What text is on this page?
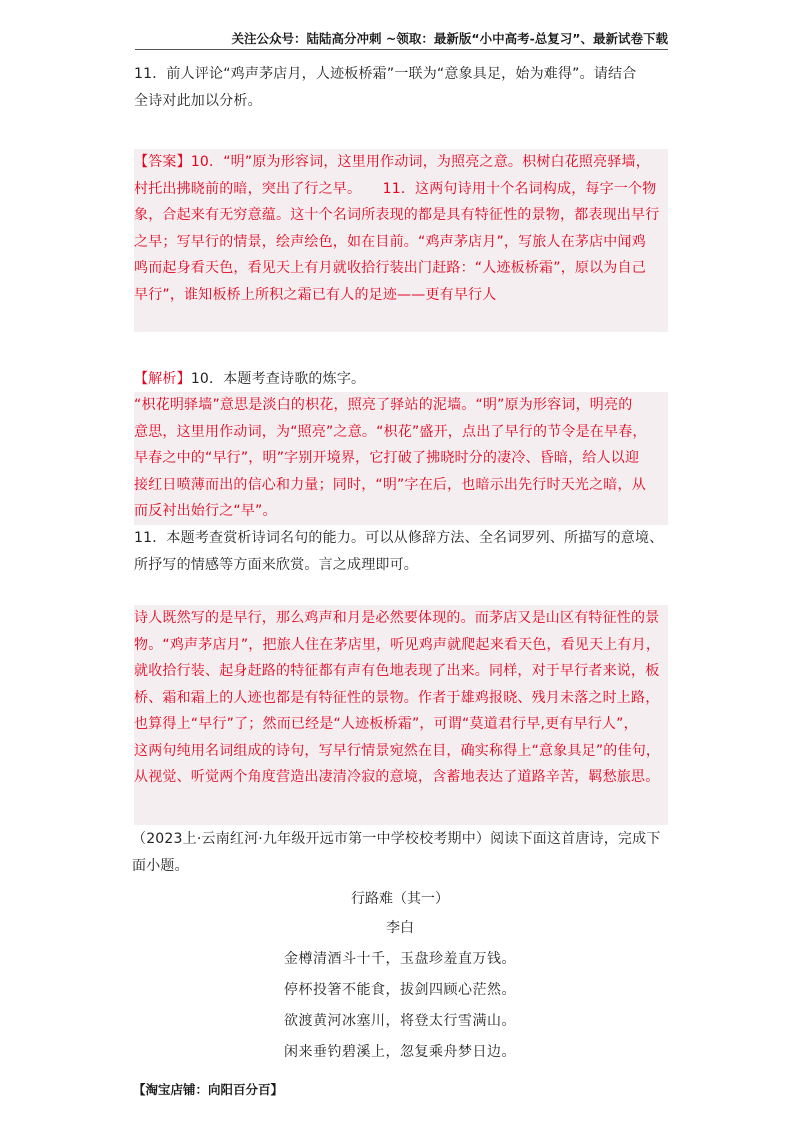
关注公众号：陆陆高分冲刺 ~领取：最新版“小中高考-总复习”、最新试卷下载
11．前人评论“鸡声茅店月，人迹板桥霜”一联为“意象具足，始为难得”。请结合
全诗对此加以分析。
【答案】10．“明”原为形容词，这里用作动词，为照亮之意。枳树白花照亮驿墙，
村托出拂晓前的暗，突出了行之早。　　11．这两句诗用十个名词构成，每字一个物
象，合起来有无穷意蕴。这十个名词所表现的都是具有特征性的景物，都表现出早行
之早；写早行的情景，绘声绘色，如在目前。“鸡声茅店月”，写旅人在茅店中闻鸡
鸣而起身看天色，看见天上有月就收拾行装出门赶路：“人迹板桥霜”，原以为自己
早行”，谁知板桥上所积之霜已有人的足迹——更有早行人
【解析】10．本题考查诗歌的炼字。
“枳花明驿墙”意思是淡白的枳花，照亮了驿站的泥墙。“明”原为形容词，明亮的
意思，这里用作动词，为“照亮”之意。“枳花”盛开，点出了早行的节令是在早春，
早春之中的“早行”，明”字别开境界，它打破了拂晓时分的凄冷、昏暗，给人以迎
接红日喷薄而出的信心和力量；同时，“明”字在后，也暗示出先行时天光之暗，从
而反衬出始行之“早”。
11．本题考查赏析诗词名句的能力。可以从修辞方法、全名词罗列、所描写的意境、
所抒写的情感等方面来欣赏。言之成理即可。
诗人既然写的是早行，那么鸡声和月是必然要体现的。而茅店又是山区有特征性的景
物。“鸡声茅店月”，把旅人住在茅店里，听见鸡声就爬起来看天色，看见天上有月，
就收拾行装、起身赶路的特征都有声有色地表现了出来。同样，对于早行者来说，板
桥、霜和霜上的人迹也都是有特征性的景物。作者于雄鸡报晓、残月未落之时上路，
也算得上“早行”了；然而已经是“人迹板桥霜”，可谓“莫道君行早,更有早行人”，
这两句纯用名词组成的诗句，写早行情景宛然在目，确实称得上“意象具足”的佳句，
从视觉、听觉两个角度营造出凄清冷寂的意境，含蓄地表达了道路辛苦，羁愁旅思。
（2023上·云南红河·九年级开远市第一中学校校考期中）阅读下面这首唐诗，完成下
面小题。
行路难（其一）
李白
金樽清酒斗十千，玉盘珍羞直万钱。
停杯投箸不能食，拔剑四顾心茫然。
欲渡黄河冰塞川，将登太行雪满山。
闲来垂钓碧溪上，忽复乘舟梦日边。
【淘宝店铺：向阳百分百】
